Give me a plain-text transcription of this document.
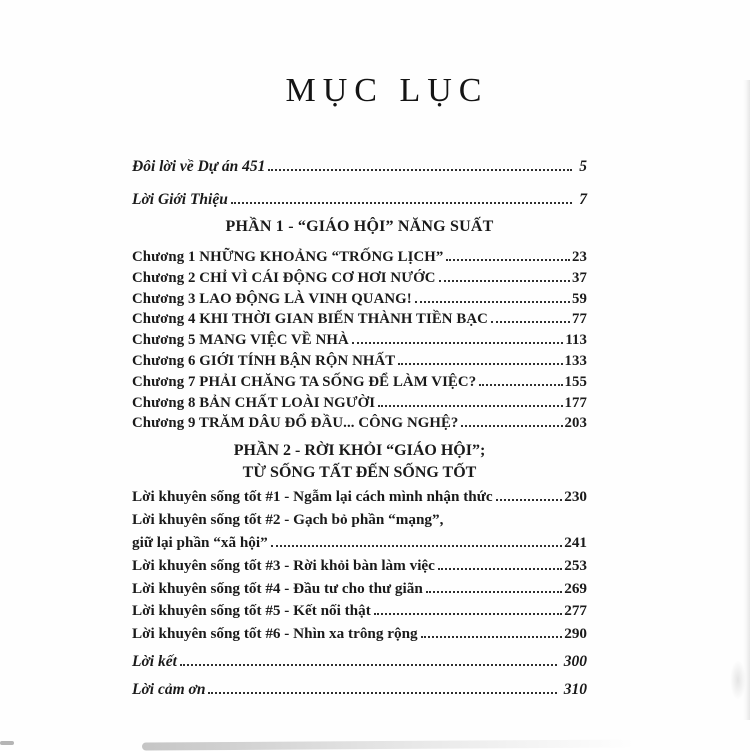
MỤC LỤC
Đôi lời về Dự án 451	5
Lời Giới Thiệu	7
PHẦN 1 - “GIÁO HỘI” NĂNG SUẤT
Chương 1 NHỮNG KHOẢNG “TRỐNG LỊCH”	23
Chương 2 CHỈ VÌ CÁI ĐỘNG CƠ HƠI NƯỚC	37
Chương 3 LAO ĐỘNG LÀ VINH QUANG!	59
Chương 4 KHI THỜI GIAN BIẾN THÀNH TIỀN BẠC	77
Chương 5 MANG VIỆC VỀ NHÀ	113
Chương 6 GIỚI TÍNH BẬN RỘN NHẤT	133
Chương 7 PHẢI CHĂNG TA SỐNG ĐỂ LÀM VIỆC?	155
Chương 8 BẢN CHẤT LOÀI NGƯỜI	177
Chương 9 TRĂM DÂU ĐỔ ĐẦU... CÔNG NGHỆ?	203
PHẦN 2 - RỜI KHỎI “GIÁO HỘI”;
TỪ SỐNG TẤT ĐẾN SỐNG TỐT
Lời khuyên sống tốt #1 - Ngẫm lại cách mình nhận thức	230
Lời khuyên sống tốt #2 - Gạch bỏ phần “mạng”,
giữ lại phần “xã hội”	241
Lời khuyên sống tốt #3 - Rời khỏi bàn làm việc	253
Lời khuyên sống tốt #4 - Đầu tư cho thư giãn	269
Lời khuyên sống tốt #5 - Kết nối thật	277
Lời khuyên sống tốt #6 - Nhìn xa trông rộng	290
Lời kết	300
Lời cảm ơn	310
